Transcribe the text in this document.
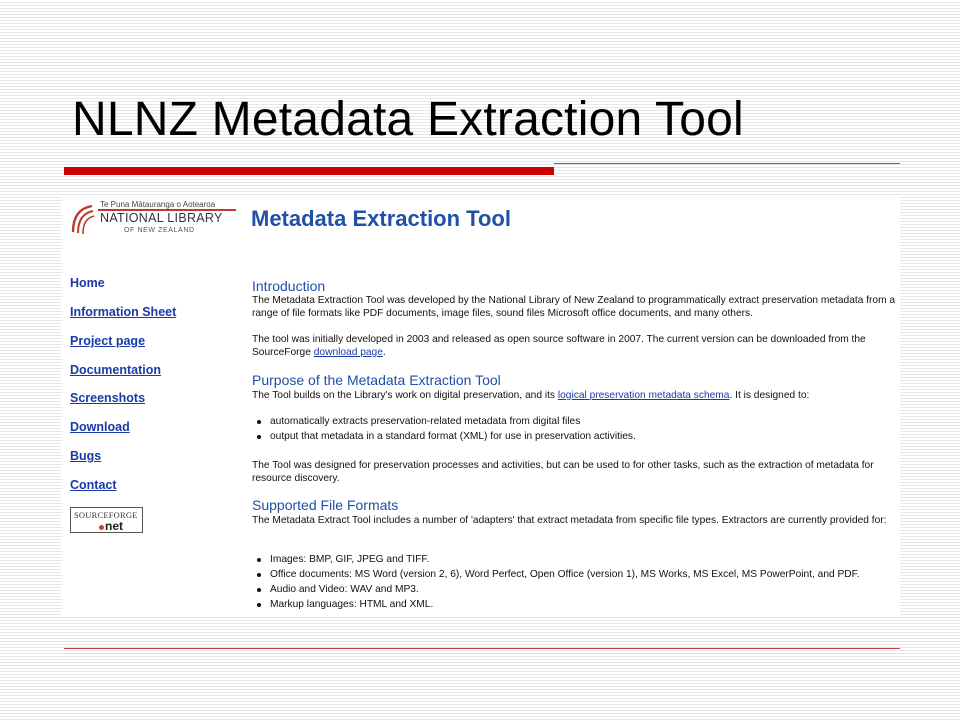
NLNZ Metadata Extraction Tool
Te Puna Mātauranga o Aotearoa
NATIONAL LIBRARY
OF NEW ZEALAND
Home
Information Sheet
Project page
Documentation
Screenshots
Download
Bugs
Contact
SOURCEFORGE
net
Metadata Extraction Tool
Introduction

The Metadata Extraction Tool was developed by the National Library of New Zealand to programmatically extract preservation metadata from a range of file formats like PDF documents, image files, sound files Microsoft office documents, and many others.

The tool was initially developed in 2003 and released as open source software in 2007. The current version can be downloaded from the SourceForge download page.

Purpose of the Metadata Extraction Tool

The Tool builds on the Library's work on digital preservation, and its logical preservation metadata schema. It is designed to:

automatically extracts preservation-related metadata from digital files
output that metadata in a standard format (XML) for use in preservation activities.

The Tool was designed for preservation processes and activities, but can be used to for other tasks, such as the extraction of metadata for resource discovery.

Supported File Formats

The Metadata Extract Tool includes a number of 'adapters' that extract metadata from specific file types. Extractors are currently provided for:

Images: BMP, GIF, JPEG and TIFF.
Office documents: MS Word (version 2, 6), Word Perfect, Open Office (version 1), MS Works, MS Excel, MS PowerPoint, and PDF.
Audio and Video: WAV and MP3.
Markup languages: HTML and XML.
